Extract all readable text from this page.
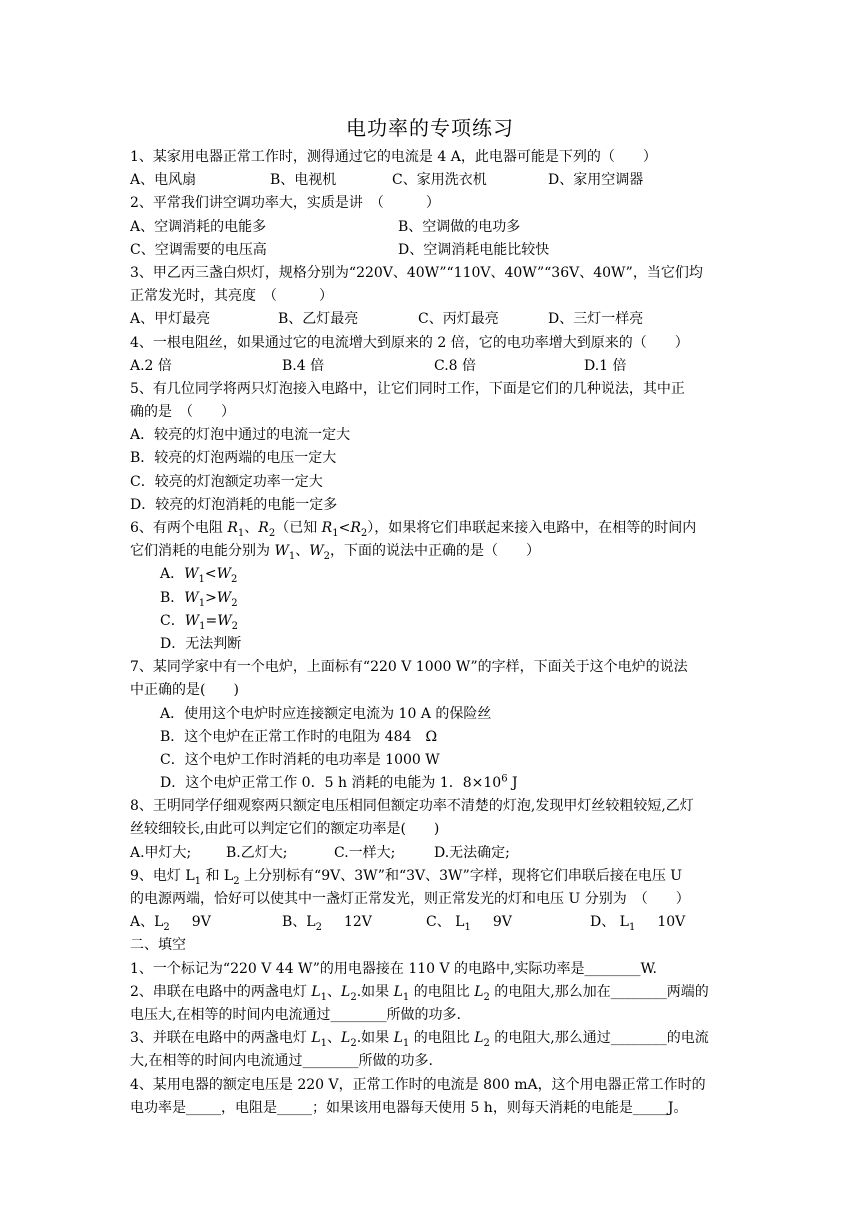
电功率的专项练习
1、某家用电器正常工作时，测得通过它的电流是 4 A，此电器可能是下列的（　　）
A、电风扇	B、电视机	C、家用洗衣机	D、家用空调器
2、平常我们讲空调功率大，实质是讲　（　　　）
A、空调消耗的电能多	B、空调做的电功多
C、空调需要的电压高	D、空调消耗电能比较快
3、甲乙丙三盏白炽灯，规格分别为“220V、40W”“110V、40W”“36V、40W”，当它们均
正常发光时，其亮度　（　　　）
A、甲灯最亮	B、乙灯最亮	C、丙灯最亮	D、三灯一样亮
4、一根电阻丝，如果通过它的电流增大到原来的 2 倍，它的电功率增大到原来的（　　）
A.2 倍	B.4 倍	C.8 倍	D.1 倍
5、有几位同学将两只灯泡接入电路中，让它们同时工作，下面是它们的几种说法，其中正
确的是　（　　）
A．较亮的灯泡中通过的电流一定大
B．较亮的灯泡两端的电压一定大
C．较亮的灯泡额定功率一定大
D．较亮的灯泡消耗的电能一定多
6、有两个电阻 $R_1$、$R_2$（已知 $R_1<R_2$），如果将它们串联起来接入电路中，在相等的时间内
它们消耗的电能分别为 $W_1$、$W_2$，下面的说法中正确的是（　　）
A．$W_1<W_2$
B．$W_1>W_2$
C．$W_1=W_2$
D．无法判断
7、某同学家中有一个电炉，上面标有“220 V 1000 W”的字样，下面关于这个电炉的说法
中正确的是(　　)
A．使用这个电炉时应连接额定电流为 10 A 的保险丝
B．这个电炉在正常工作时的电阻为 484　Ω
C．这个电炉工作时消耗的电功率是 1000 W
D．这个电炉正常工作 0．5 h 消耗的电能为 1．$8\times 10^6$ J
8、王明同学仔细观察两只额定电压相同但额定功率不清楚的灯泡,发现甲灯丝较粗较短,乙灯
丝较细较长,由此可以判定它们的额定功率是(　　)
A.甲灯大; B.乙灯大;	C.一样大;	D.无法确定;
9、电灯 $L_1$ 和 $L_2$ 上分别标有“9V、3W”和“3V、3W”字样，现将它们串联后接在电压 U
的电源两端，恰好可以使其中一盏灯正常发光，则正常发光的灯和电压 U 分别为　（　　）
A、$L_2$ 9V	B、$L_2$ 12V	C、 $L_1$ 9V	D、 $L_1$ 10V
二、填空
1、一个标记为“220 V 44 W”的用电器接在 110 V 的电路中,实际功率是________W.
2、串联在电路中的两盏电灯 $L_1$、$L_2$.如果 $L_1$ 的电阻比 $L_2$ 的电阻大,那么加在________两端的
电压大,在相等的时间内电流通过________所做的功多.
3、并联在电路中的两盏电灯 $L_1$、$L_2$.如果 $L_1$ 的电阻比 $L_2$ 的电阻大,那么通过________的电流
大,在相等的时间内电流通过________所做的功多.
4、某用电器的额定电压是 220 V，正常工作时的电流是 800 mA，这个用电器正常工作时的
电功率是_____，电阻是_____；如果该用电器每天使用 5 h，则每天消耗的电能是_____J。
